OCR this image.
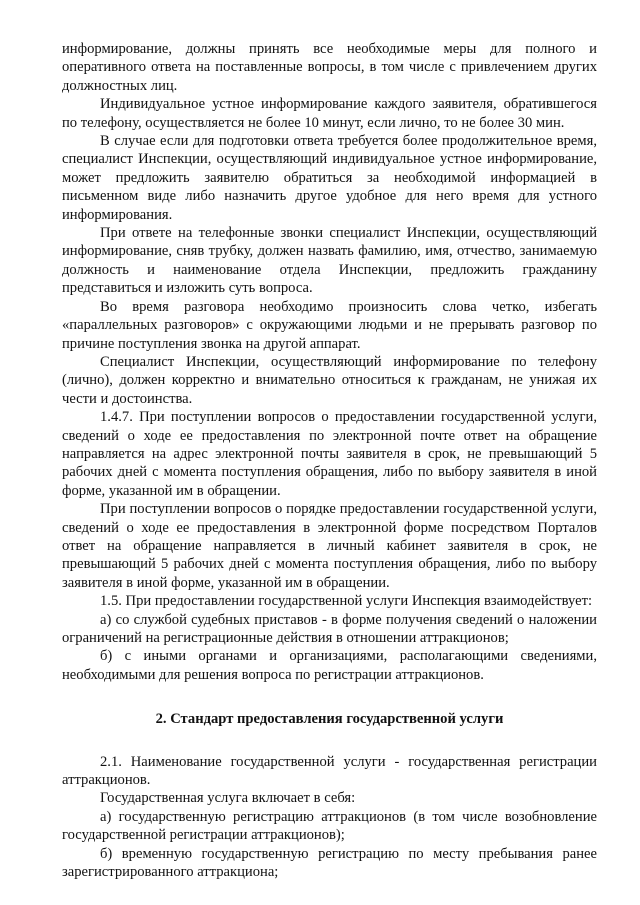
информирование, должны принять все необходимые меры для полного и оперативного ответа на поставленные вопросы, в том числе с привлечением других должностных лиц.

Индивидуальное устное информирование каждого заявителя, обратившегося по телефону, осуществляется не более 10 минут, если лично, то не более 30 мин.

В случае если для подготовки ответа требуется более продолжительное время, специалист Инспекции, осуществляющий индивидуальное устное информирование, может предложить заявителю обратиться за необходимой информацией в письменном виде либо назначить другое удобное для него время для устного информирования.

При ответе на телефонные звонки специалист Инспекции, осуществляющий информирование, сняв трубку, должен назвать фамилию, имя, отчество, занимаемую должность и наименование отдела Инспекции, предложить гражданину представиться и изложить суть вопроса.

Во время разговора необходимо произносить слова четко, избегать «параллельных разговоров» с окружающими людьми и не прерывать разговор по причине поступления звонка на другой аппарат.

Специалист Инспекции, осуществляющий информирование по телефону (лично), должен корректно и внимательно относиться к гражданам, не унижая их чести и достоинства.

1.4.7. При поступлении вопросов о предоставлении государственной услуги, сведений о ходе ее предоставления по электронной почте ответ на обращение направляется на адрес электронной почты заявителя в срок, не превышающий 5 рабочих дней с момента поступления обращения, либо по выбору заявителя в иной форме, указанной им в обращении.

При поступлении вопросов о порядке предоставлении государственной услуги, сведений о ходе ее предоставления в электронной форме посредством Порталов ответ на обращение направляется в личный кабинет заявителя в срок, не превышающий 5 рабочих дней с момента поступления обращения, либо по выбору заявителя в иной форме, указанной им в обращении.

1.5. При предоставлении государственной услуги Инспекция взаимодействует:

а) со службой судебных приставов - в форме получения сведений о наложении ограничений на регистрационные действия в отношении аттракционов;

б) с иными органами и организациями, располагающими сведениями, необходимыми для решения вопроса по регистрации аттракционов.

2. Стандарт предоставления государственной услуги

2.1. Наименование государственной услуги - государственная регистрации аттракционов.

Государственная услуга включает в себя:

а) государственную регистрацию аттракционов (в том числе возобновление государственной регистрации аттракционов);

б) временную государственную регистрацию по месту пребывания ранее зарегистрированного аттракциона;
